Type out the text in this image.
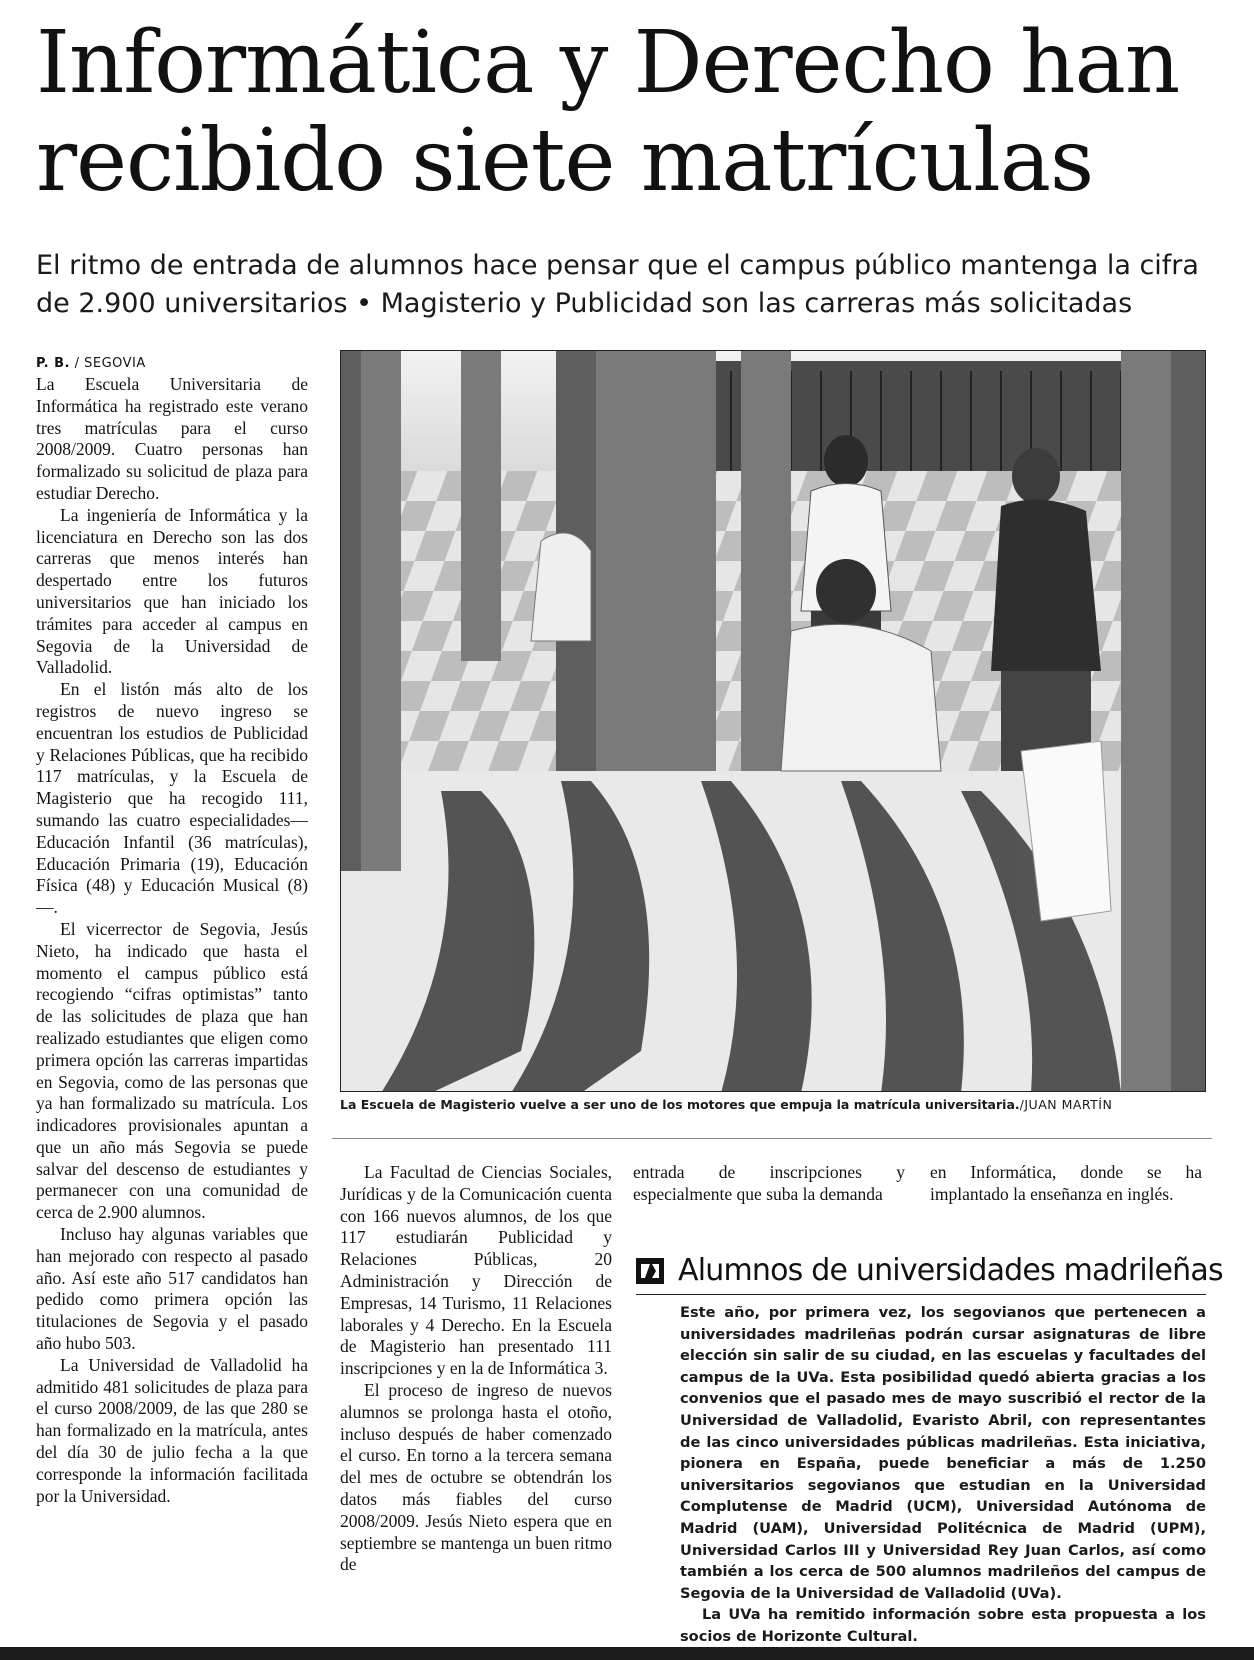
Informática y Derecho han
recibido siete matrículas
El ritmo de entrada de alumnos hace pensar que el campus público mantenga la cifra de 2.900 universitarios • Magisterio y Publicidad son las carreras más solicitadas
P. B. / SEGOVIA

La Escuela Universitaria de Informática ha registrado este verano tres matrículas para el curso 2008/2009. Cuatro personas han formalizado su solicitud de plaza para estudiar Derecho.

La ingeniería de Informática y la licenciatura en Derecho son las dos carreras que menos interés han despertado entre los futuros universitarios que han iniciado los trámites para acceder al campus en Segovia de la Universidad de Valladolid.

En el listón más alto de los registros de nuevo ingreso se encuentran los estudios de Publicidad y Relaciones Públicas, que ha recibido 117 matrículas, y la Escuela de Magisterio que ha recogido 111, sumando las cuatro especialidades— Educación Infantil (36 matrículas), Educación Primaria (19), Educación Física (48) y Educación Musical (8)—.

El vicerrector de Segovia, Jesús Nieto, ha indicado que hasta el momento el campus público está recogiendo “cifras optimistas” tanto de las solicitudes de plaza que han realizado estudiantes que eligen como primera opción las carreras impartidas en Segovia, como de las personas que ya han formalizado su matrícula. Los indicadores provisionales apuntan a que un año más Segovia se puede salvar del descenso de estudiantes y permanecer con una comunidad de cerca de 2.900 alumnos.

Incluso hay algunas variables que han mejorado con respecto al pasado año. Así este año 517 candidatos han pedido como primera opción las titulaciones de Segovia y el pasado año hubo 503.

La Universidad de Valladolid ha admitido 481 solicitudes de plaza para el curso 2008/2009, de las que 280 se han formalizado en la matrícula, antes del día 30 de julio fecha a la que corresponde la información facilitada por la Universidad.

La Escuela de Magisterio vuelve a ser uno de los motores que empuja la matrícula universitaria./JUAN MARTÍN

La Facultad de Ciencias Sociales, Jurídicas y de la Comunicación cuenta con 166 nuevos alumnos, de los que 117 estudiarán Publicidad y Relaciones Públicas, 20 Administración y Dirección de Empresas, 14 Turismo, 11 Relaciones laborales y 4 Derecho. En la Escuela de Magisterio han presentado 111 inscripciones y en la de Informática 3.

El proceso de ingreso de nuevos alumnos se prolonga hasta el otoño, incluso después de haber comenzado el curso. En torno a la tercera semana del mes de octubre se obtendrán los datos más fiables del curso 2008/2009. Jesús Nieto espera que en septiembre se mantenga un buen ritmo de

entrada de inscripciones y especialmente que suba la demanda

en Informática, donde se ha implantado la enseñanza en inglés.

Alumnos de universidades madrileñas

Este año, por primera vez, los segovianos que pertenecen a universidades madrileñas podrán cursar asignaturas de libre elección sin salir de su ciudad, en las escuelas y facultades del campus de la UVa. Esta posibilidad quedó abierta gracias a los convenios que el pasado mes de mayo suscribió el rector de la Universidad de Valladolid, Evaristo Abril, con representantes de las cinco universidades públicas madrileñas. Esta iniciativa, pionera en España, puede beneficiar a más de 1.250 universitarios segovianos que estudian en la Universidad Complutense de Madrid (UCM), Universidad Autónoma de Madrid (UAM), Universidad Politécnica de Madrid (UPM), Universidad Carlos III y Universidad Rey Juan Carlos, así como también a los cerca de 500 alumnos madrileños del campus de Segovia de la Universidad de Valladolid (UVa).

La UVa ha remitido información sobre esta propuesta a los socios de Horizonte Cultural.
